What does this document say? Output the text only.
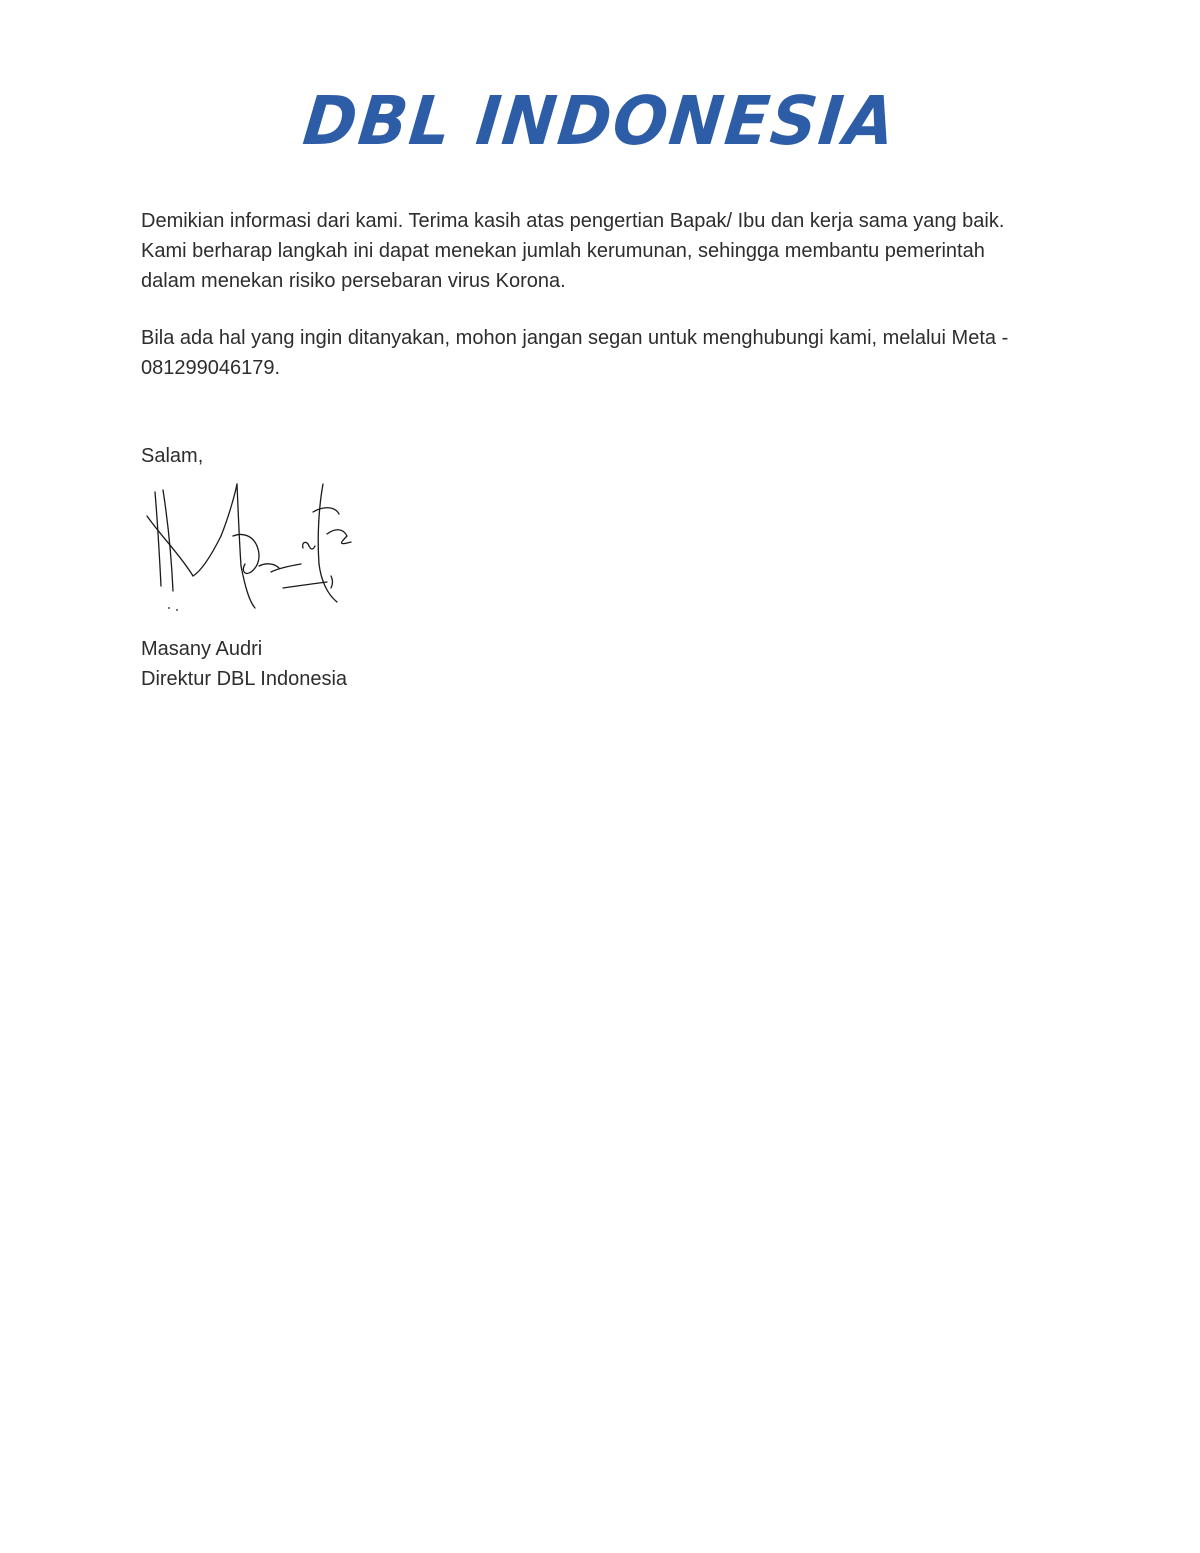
DBL INDONESIA

Demikian informasi dari kami. Terima kasih atas pengertian Bapak/ Ibu dan kerja sama yang baik. Kami berharap langkah ini dapat menekan jumlah kerumunan, sehingga membantu pemerintah dalam menekan risiko persebaran virus Korona.

Bila ada hal yang ingin ditanyakan, mohon jangan segan untuk menghubungi kami, melalui Meta - 081299046179.

Salam,

Masany Audri

Direktur DBL Indonesia
